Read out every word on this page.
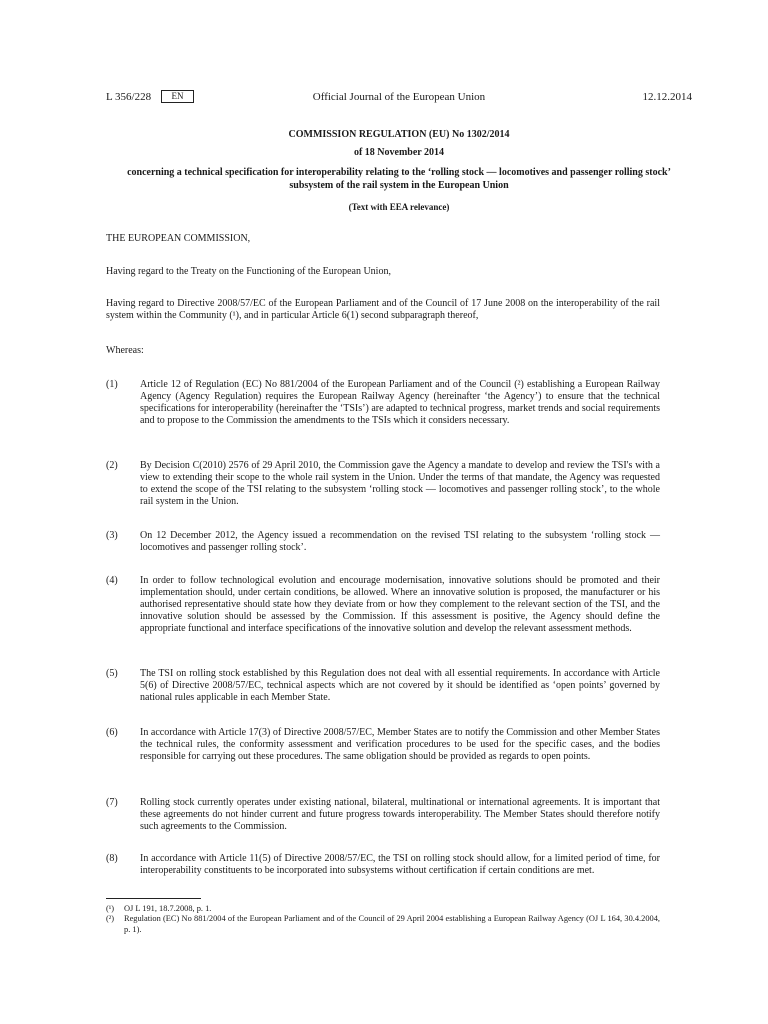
L 356/228	EN	Official Journal of the European Union	12.12.2014
COMMISSION REGULATION (EU) No 1302/2014
of 18 November 2014
concerning a technical specification for interoperability relating to the ‘rolling stock — locomotives and passenger rolling stock’ subsystem of the rail system in the European Union
(Text with EEA relevance)
THE EUROPEAN COMMISSION,
Having regard to the Treaty on the Functioning of the European Union,
Having regard to Directive 2008/57/EC of the European Parliament and of the Council of 17 June 2008 on the interoperability of the rail system within the Community (¹), and in particular Article 6(1) second subparagraph thereof,
Whereas:
(1)	Article 12 of Regulation (EC) No 881/2004 of the European Parliament and of the Council (²) establishing a European Railway Agency (Agency Regulation) requires the European Railway Agency (hereinafter ‘the Agency’) to ensure that the technical specifications for interoperability (hereinafter the ‘TSIs’) are adapted to technical progress, market trends and social requirements and to propose to the Commission the amendments to the TSIs which it considers necessary.
(2)	By Decision C(2010) 2576 of 29 April 2010, the Commission gave the Agency a mandate to develop and review the TSI's with a view to extending their scope to the whole rail system in the Union. Under the terms of that mandate, the Agency was requested to extend the scope of the TSI relating to the subsystem ‘rolling stock — locomotives and passenger rolling stock’, to the whole rail system in the Union.
(3)	On 12 December 2012, the Agency issued a recommendation on the revised TSI relating to the subsystem ‘rolling stock — locomotives and passenger rolling stock’.
(4)	In order to follow technological evolution and encourage modernisation, innovative solutions should be promoted and their implementation should, under certain conditions, be allowed. Where an innovative solution is proposed, the manufacturer or his authorised representative should state how they deviate from or how they complement to the relevant section of the TSI, and the innovative solution should be assessed by the Commission. If this assessment is positive, the Agency should define the appropriate functional and interface specifications of the innovative solution and develop the relevant assessment methods.
(5)	The TSI on rolling stock established by this Regulation does not deal with all essential requirements. In accordance with Article 5(6) of Directive 2008/57/EC, technical aspects which are not covered by it should be identified as ‘open points’ governed by national rules applicable in each Member State.
(6)	In accordance with Article 17(3) of Directive 2008/57/EC, Member States are to notify the Commission and other Member States the technical rules, the conformity assessment and verification procedures to be used for the specific cases, and the bodies responsible for carrying out these procedures. The same obligation should be provided as regards to open points.
(7)	Rolling stock currently operates under existing national, bilateral, multinational or international agreements. It is important that these agreements do not hinder current and future progress towards interoperability. The Member States should therefore notify such agreements to the Commission.
(8)	In accordance with Article 11(5) of Directive 2008/57/EC, the TSI on rolling stock should allow, for a limited period of time, for interoperability constituents to be incorporated into subsystems without certification if certain conditions are met.
(¹) OJ L 191, 18.7.2008, p. 1.
(²) Regulation (EC) No 881/2004 of the European Parliament and of the Council of 29 April 2004 establishing a European Railway Agency (OJ L 164, 30.4.2004, p. 1).
